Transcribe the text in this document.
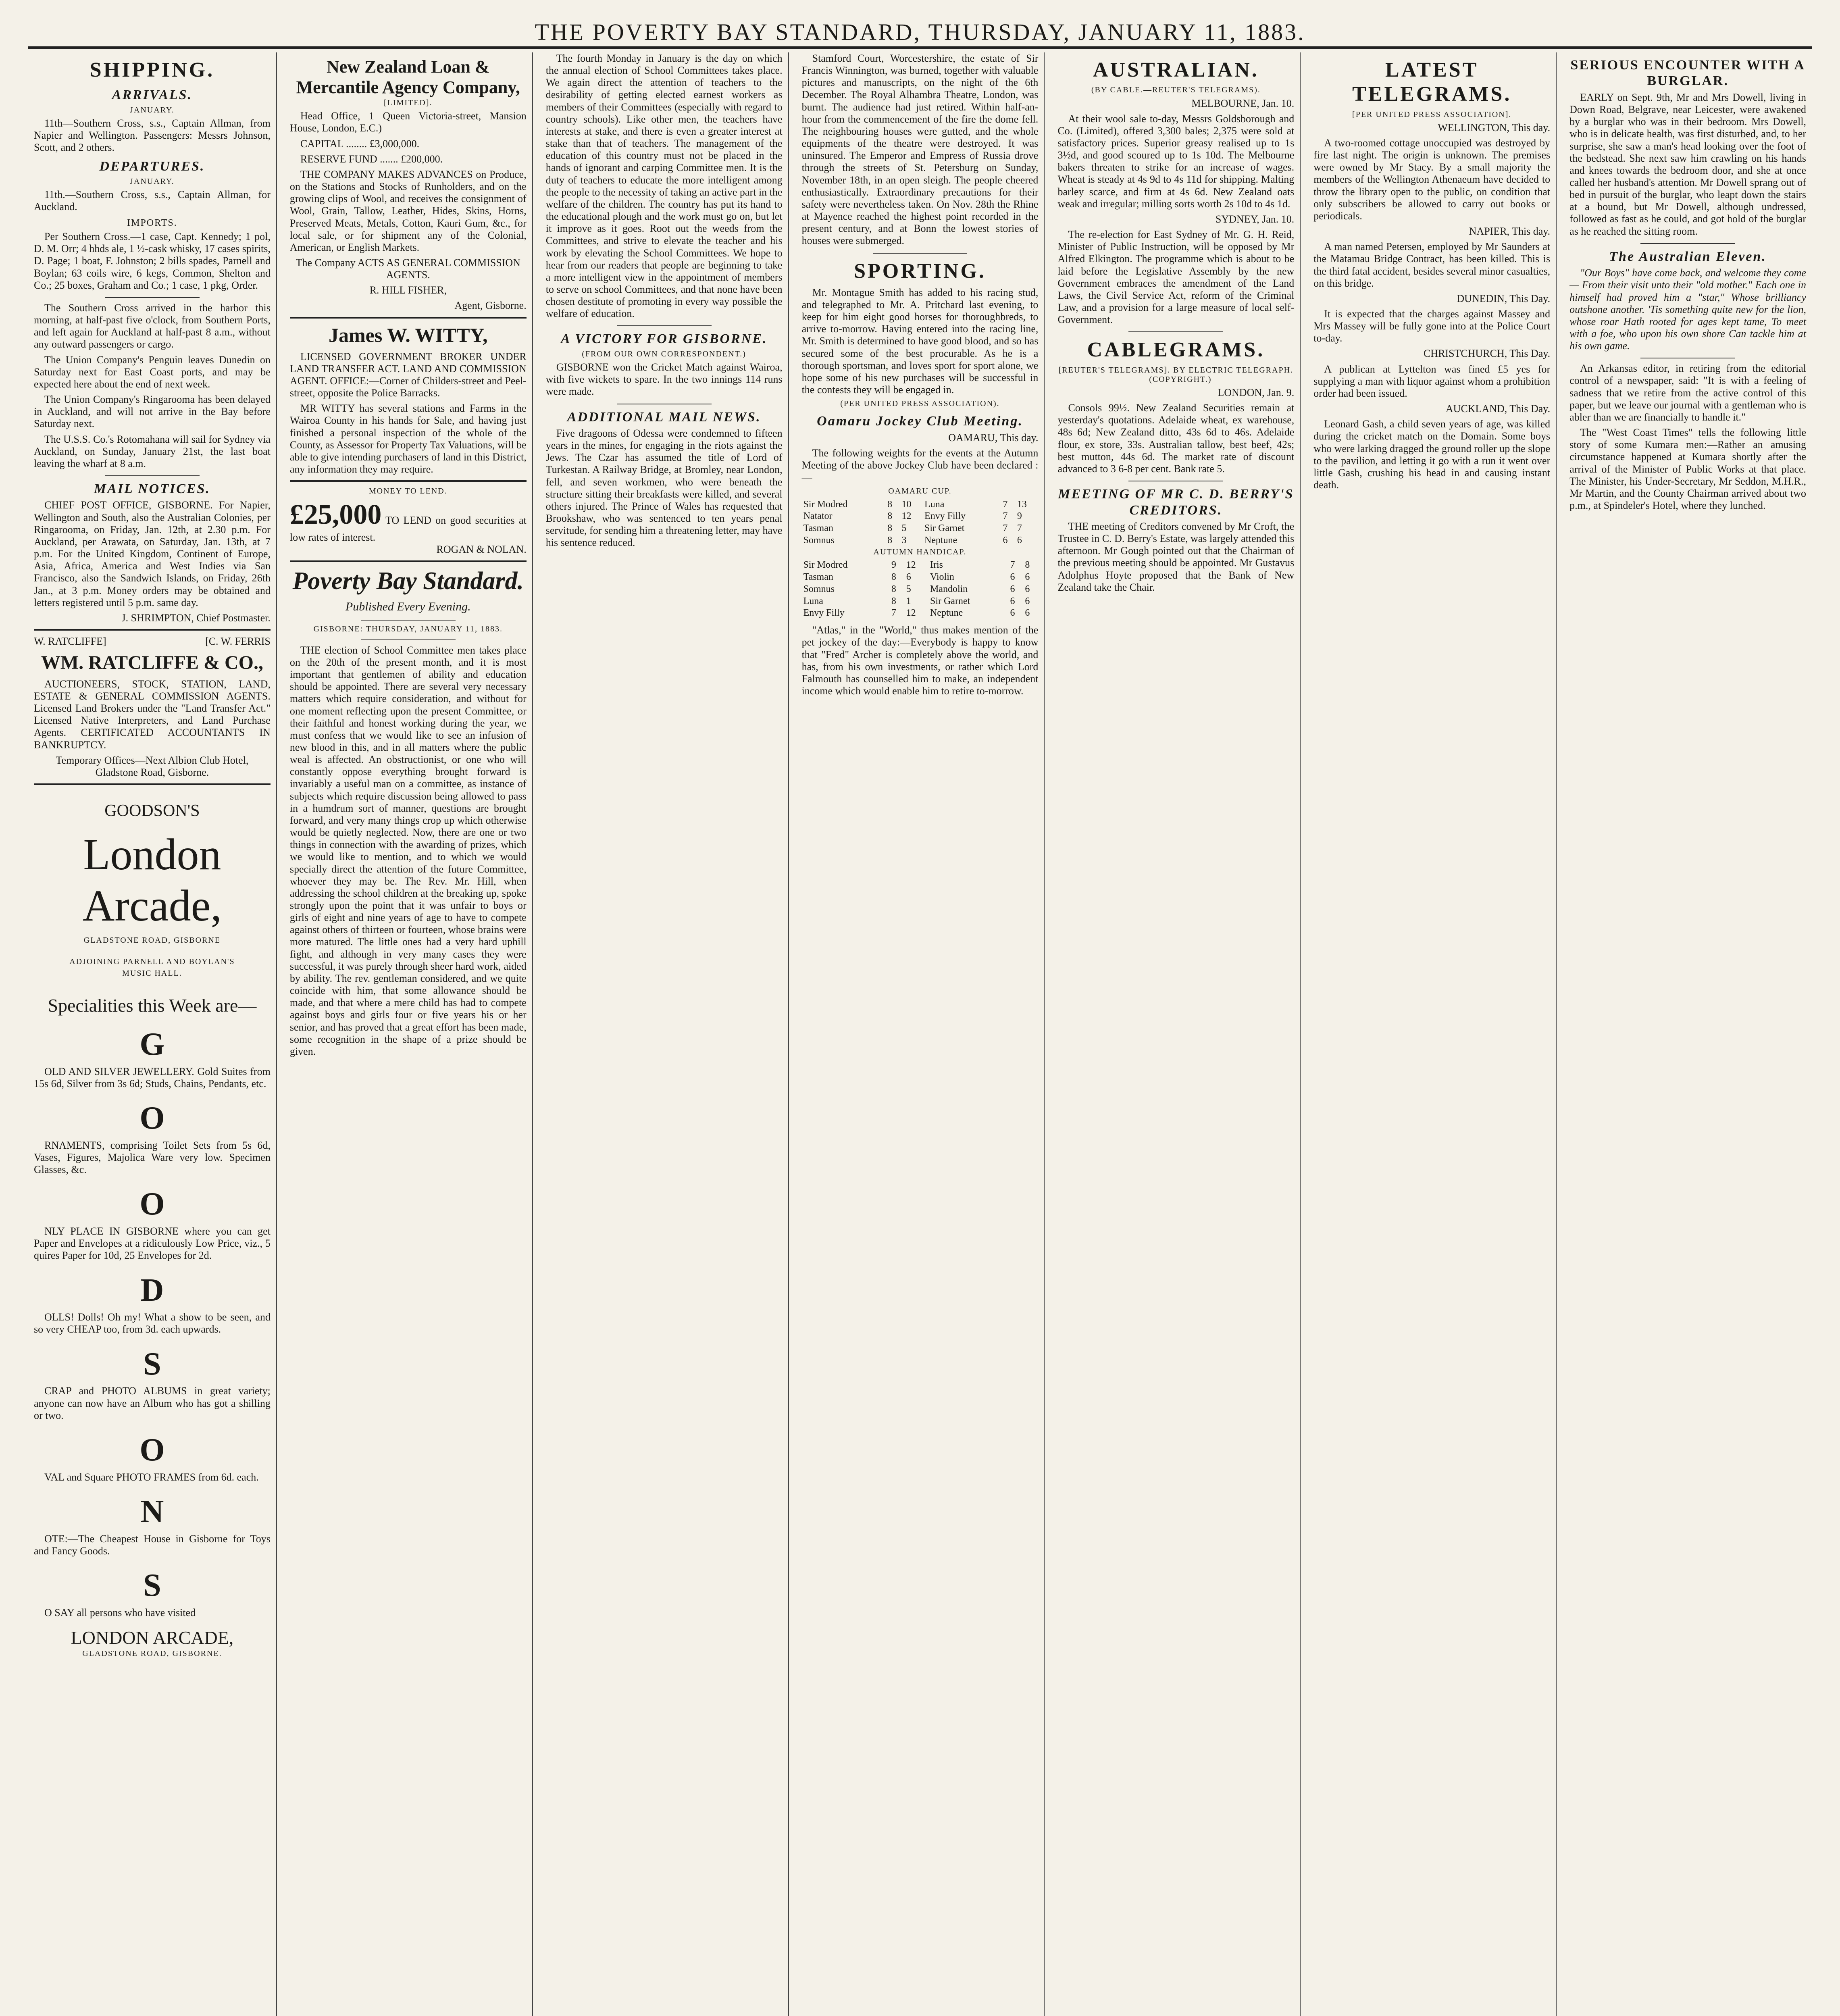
THE POVERTY BAY STANDARD, THURSDAY, JANUARY 11, 1883.
SHIPPING.
ARRIVALS.
JANUARY.

11th—Southern Cross, s.s., Captain Allman, from Napier and Wellington. Passengers: Messrs Johnson, Scott, and 2 others.

DEPARTURES.
JANUARY.

11th.—Southern Cross, s.s., Captain Allman, for Auckland.

IMPORTS.

Per Southern Cross.—1 case, Capt. Kennedy; 1 pol, D. M. Orr; 4 hhds ale, 1 ½-cask whisky, 17 cases spirits, D. Page; 1 boat, F. Johnston; 2 bills spades, Parnell and Boylan; 63 coils wire, 6 kegs, Common, Shelton and Co.; 25 boxes, Graham and Co.; 1 case, 1 pkg, Order.

The Southern Cross arrived in the harbor this morning, at half-past five o'clock, from Southern Ports, and left again for Auckland at half-past 8 a.m., without any outward passengers or cargo.

The Union Company's Penguin leaves Dunedin on Saturday next for East Coast ports, and may be expected here about the end of next week.

The Union Company's Ringarooma has been delayed in Auckland, and will not arrive in the Bay before Saturday next.

The U.S.S. Co.'s Rotomahana will sail for Sydney via Auckland, on Sunday, January 21st, the last boat leaving the wharf at 8 a.m.

MAIL NOTICES.

CHIEF POST OFFICE, GISBORNE. For Napier, Wellington and South, also the Australian Colonies, per Ringarooma, on Friday, Jan. 12th, at 2.30 p.m. For Auckland, per Arawata, on Saturday, Jan. 13th, at 7 p.m. For the United Kingdom, Continent of Europe, Asia, Africa, America and West Indies via San Francisco, also the Sandwich Islands, on Friday, 26th Jan., at 3 p.m. Money orders may be obtained and letters registered until 5 p.m. same day.

J. SHRIMPTON, Chief Postmaster.

W. RATCLIFFE]	[C. W. FERRIS
WM. RATCLIFFE & CO.,

AUCTIONEERS, STOCK, STATION, LAND, ESTATE & GENERAL COMMISSION AGENTS. Licensed Land Brokers under the "Land Transfer Act." Licensed Native Interpreters, and Land Purchase Agents. CERTIFICATED ACCOUNTANTS IN BANKRUPTCY.

Temporary Offices—Next Albion Club Hotel, Gladstone Road, Gisborne.

GOODSON'S
London Arcade,
GLADSTONE ROAD, GISBORNE
ADJOINING PARNELL AND BOYLAN'S
MUSIC HALL.
Specialities this Week are—
G

OLD AND SILVER JEWELLERY. Gold Suites from 15s 6d, Silver from 3s 6d; Studs, Chains, Pendants, etc.

O

RNAMENTS, comprising Toilet Sets from 5s 6d, Vases, Figures, Majolica Ware very low. Specimen Glasses, &c.

O

NLY PLACE IN GISBORNE where you can get Paper and Envelopes at a ridiculously Low Price, viz., 5 quires Paper for 10d, 25 Envelopes for 2d.

D

OLLS! Dolls! Oh my! What a show to be seen, and so very CHEAP too, from 3d. each upwards.

S

CRAP and PHOTO ALBUMS in great variety; anyone can now have an Album who has got a shilling or two.

O

VAL and Square PHOTO FRAMES from 6d. each.

N

OTE:—The Cheapest House in Gisborne for Toys and Fancy Goods.

S

O SAY all persons who have visited

LONDON ARCADE,
GLADSTONE ROAD, GISBORNE.
New Zealand Loan & Mercantile Agency Company,
[LIMITED].

Head Office, 1 Queen Victoria-street, Mansion House, London, E.C.)

CAPITAL ........ £3,000,000.

RESERVE FUND ....... £200,000.

THE COMPANY MAKES ADVANCES on Produce, on the Stations and Stocks of Runholders, and on the growing clips of Wool, and receives the consignment of Wool, Grain, Tallow, Leather, Hides, Skins, Horns, Preserved Meats, Metals, Cotton, Kauri Gum, &c., for local sale, or for shipment any of the Colonial, American, or English Markets.

The Company ACTS AS GENERAL COMMISSION AGENTS.

R. HILL FISHER,

Agent, Gisborne.

James W. WITTY,

LICENSED GOVERNMENT BROKER UNDER LAND TRANSFER ACT. LAND AND COMMISSION AGENT. OFFICE:—Corner of Childers-street and Peel-street, opposite the Police Barracks.

MR WITTY has several stations and Farms in the Wairoa County in his hands for Sale, and having just finished a personal inspection of the whole of the County, as Assessor for Property Tax Valuations, will be able to give intending purchasers of land in this District, any information they may require.

MONEY TO LEND.
£25,000 TO LEND on good securities at low rates of interest.

ROGAN & NOLAN.

Poverty Bay Standard.
Published Every Evening.
GISBORNE: THURSDAY, JANUARY 11, 1883.

THE election of School Committee men takes place on the 20th of the present month, and it is most important that gentlemen of ability and education should be appointed. There are several very necessary matters which require consideration, and without for one moment reflecting upon the present Committee, or their faithful and honest working during the year, we must confess that we would like to see an infusion of new blood in this, and in all matters where the public weal is affected. An obstructionist, or one who will constantly oppose everything brought forward is invariably a useful man on a committee, as instance of subjects which require discussion being allowed to pass in a humdrum sort of manner, questions are brought forward, and very many things crop up which otherwise would be quietly neglected. Now, there are one or two things in connection with the awarding of prizes, which we would like to mention, and to which we would specially direct the attention of the future Committee, whoever they may be. The Rev. Mr. Hill, when addressing the school children at the breaking up, spoke strongly upon the point that it was unfair to boys or girls of eight and nine years of age to have to compete against others of thirteen or fourteen, whose brains were more matured. The little ones had a very hard uphill fight, and although in very many cases they were successful, it was purely through sheer hard work, aided by ability. The rev. gentleman considered, and we quite coincide with him, that some allowance should be made, and that where a mere child has had to compete against boys and girls four or five years his or her senior, and has proved that a great effort has been made, some recognition in the shape of a prize should be given.

The fourth Monday in January is the day on which the annual election of School Committees takes place. We again direct the attention of teachers to the desirability of getting elected earnest workers as members of their Committees (especially with regard to country schools). Like other men, the teachers have interests at stake, and there is even a greater interest at stake than that of teachers. The management of the education of this country must not be placed in the hands of ignorant and carping Committee men. It is the duty of teachers to educate the more intelligent among the people to the necessity of taking an active part in the welfare of the children. The country has put its hand to the educational plough and the work must go on, but let it improve as it goes. Root out the weeds from the Committees, and strive to elevate the teacher and his work by elevating the School Committees. We hope to hear from our readers that people are beginning to take a more intelligent view in the appointment of members to serve on school Committees, and that none have been chosen destitute of promoting in every way possible the welfare of education.

A VICTORY FOR GISBORNE.
(FROM OUR OWN CORRESPONDENT.)

GISBORNE won the Cricket Match against Wairoa, with five wickets to spare. In the two innings 114 runs were made.

ADDITIONAL MAIL NEWS.

Five dragoons of Odessa were condemned to fifteen years in the mines, for engaging in the riots against the Jews. The Czar has assumed the title of Lord of Turkestan. A Railway Bridge, at Bromley, near London, fell, and seven workmen, who were beneath the structure sitting their breakfasts were killed, and several others injured. The Prince of Wales has requested that Brookshaw, who was sentenced to ten years penal servitude, for sending him a threatening letter, may have his sentence reduced.

Stamford Court, Worcestershire, the estate of Sir Francis Winnington, was burned, together with valuable pictures and manuscripts, on the night of the 6th December. The Royal Alhambra Theatre, London, was burnt. The audience had just retired. Within half-an-hour from the commencement of the fire the dome fell. The neighbouring houses were gutted, and the whole equipments of the theatre were destroyed. It was uninsured. The Emperor and Empress of Russia drove through the streets of St. Petersburg on Sunday, November 18th, in an open sleigh. The people cheered enthusiastically. Extraordinary precautions for their safety were nevertheless taken. On Nov. 28th the Rhine at Mayence reached the highest point recorded in the present century, and at Bonn the lowest stories of houses were submerged.

SPORTING.

Mr. Montague Smith has added to his racing stud, and telegraphed to Mr. A. Pritchard last evening, to keep for him eight good horses for thoroughbreds, to arrive to-morrow. Having entered into the racing line, Mr. Smith is determined to have good blood, and so has secured some of the best procurable. As he is a thorough sportsman, and loves sport for sport alone, we hope some of his new purchases will be successful in the contests they will be engaged in.

(PER UNITED PRESS ASSOCIATION).
Oamaru Jockey Club Meeting.

OAMARU, This day.

The following weights for the events at the Autumn Meeting of the above Jockey Club have been declared :—

OAMARU CUP.
Sir Modred	8	10	Luna	7	13
Natator	8	12	Envy Filly	7	9
Tasman	8	5	Sir Garnet	7	7
Somnus	8	3	Neptune	6	6
AUTUMN HANDICAP.
Sir Modred	9	12	Iris	7	8
Tasman	8	6	Violin	6	6
Somnus	8	5	Mandolin	6	6
Luna	8	1	Sir Garnet	6	6
Envy Filly	7	12	Neptune	6	6

"Atlas," in the "World," thus makes mention of the pet jockey of the day:—Everybody is happy to know that "Fred" Archer is completely above the world, and has, from his own investments, or rather which Lord Falmouth has counselled him to make, an independent income which would enable him to retire to-morrow.

AUSTRALIAN.
(BY CABLE.—REUTER'S TELEGRAMS).

MELBOURNE, Jan. 10.

At their wool sale to-day, Messrs Goldsborough and Co. (Limited), offered 3,300 bales; 2,375 were sold at satisfactory prices. Superior greasy realised up to 1s 3½d, and good scoured up to 1s 10d. The Melbourne bakers threaten to strike for an increase of wages. Wheat is steady at 4s 9d to 4s 11d for shipping. Malting barley scarce, and firm at 4s 6d. New Zealand oats weak and irregular; milling sorts worth 2s 10d to 4s 1d.

SYDNEY, Jan. 10.

The re-election for East Sydney of Mr. G. H. Reid, Minister of Public Instruction, will be opposed by Mr Alfred Elkington. The programme which is about to be laid before the Legislative Assembly by the new Government embraces the amendment of the Land Laws, the Civil Service Act, reform of the Criminal Law, and a provision for a large measure of local self-Government.

CABLEGRAMS.
[REUTER'S TELEGRAMS]. BY ELECTRIC TELEGRAPH.—(COPYRIGHT.)

LONDON, Jan. 9.

Consols 99½. New Zealand Securities remain at yesterday's quotations. Adelaide wheat, ex warehouse, 48s 6d; New Zealand ditto, 43s 6d to 46s. Adelaide flour, ex store, 33s. Australian tallow, best beef, 42s; best mutton, 44s 6d. The market rate of discount advanced to 3 6-8 per cent. Bank rate 5.

MEETING OF MR C. D. BERRY'S CREDITORS.

THE meeting of Creditors convened by Mr Croft, the Trustee in C. D. Berry's Estate, was largely attended this afternoon. Mr Gough pointed out that the Chairman of the previous meeting should be appointed. Mr Gustavus Adolphus Hoyte proposed that the Bank of New Zealand take the Chair.

LATEST TELEGRAMS.
[PER UNITED PRESS ASSOCIATION].

WELLINGTON, This day.

A two-roomed cottage unoccupied was destroyed by fire last night. The origin is unknown. The premises were owned by Mr Stacy. By a small majority the members of the Wellington Athenaeum have decided to throw the library open to the public, on condition that only subscribers be allowed to carry out books or periodicals.

NAPIER, This day.

A man named Petersen, employed by Mr Saunders at the Matamau Bridge Contract, has been killed. This is the third fatal accident, besides several minor casualties, on this bridge.

DUNEDIN, This Day.

It is expected that the charges against Massey and Mrs Massey will be fully gone into at the Police Court to-day.

CHRISTCHURCH, This Day.

A publican at Lyttelton was fined £5 yes for supplying a man with liquor against whom a prohibition order had been issued.

AUCKLAND, This Day.

Leonard Gash, a child seven years of age, was killed during the cricket match on the Domain. Some boys who were larking dragged the ground roller up the slope to the pavilion, and letting it go with a run it went over little Gash, crushing his head in and causing instant death.

SERIOUS ENCOUNTER WITH A BURGLAR.

EARLY on Sept. 9th, Mr and Mrs Dowell, living in Down Road, Belgrave, near Leicester, were awakened by a burglar who was in their bedroom. Mrs Dowell, who is in delicate health, was first disturbed, and, to her surprise, she saw a man's head looking over the foot of the bedstead. She next saw him crawling on his hands and knees towards the bedroom door, and she at once called her husband's attention. Mr Dowell sprang out of bed in pursuit of the burglar, who leapt down the stairs at a bound, but Mr Dowell, although undressed, followed as fast as he could, and got hold of the burglar as he reached the sitting room.

The Australian Eleven.

"Our Boys" have come back, and welcome they come— From their visit unto their "old mother." Each one in himself had proved him a "star," Whose brilliancy outshone another. 'Tis something quite new for the lion, whose roar Hath rooted for ages kept tame, To meet with a foe, who upon his own shore Can tackle him at his own game.

An Arkansas editor, in retiring from the editorial control of a newspaper, said: "It is with a feeling of sadness that we retire from the active control of this paper, but we leave our journal with a gentleman who is abler than we are financially to handle it."

The "West Coast Times" tells the following little story of some Kumara men:—Rather an amusing circumstance happened at Kumara shortly after the arrival of the Minister of Public Works at that place. The Minister, his Under-Secretary, Mr Seddon, M.H.R., Mr Martin, and the County Chairman arrived about two p.m., at Spindeler's Hotel, where they lunched.
